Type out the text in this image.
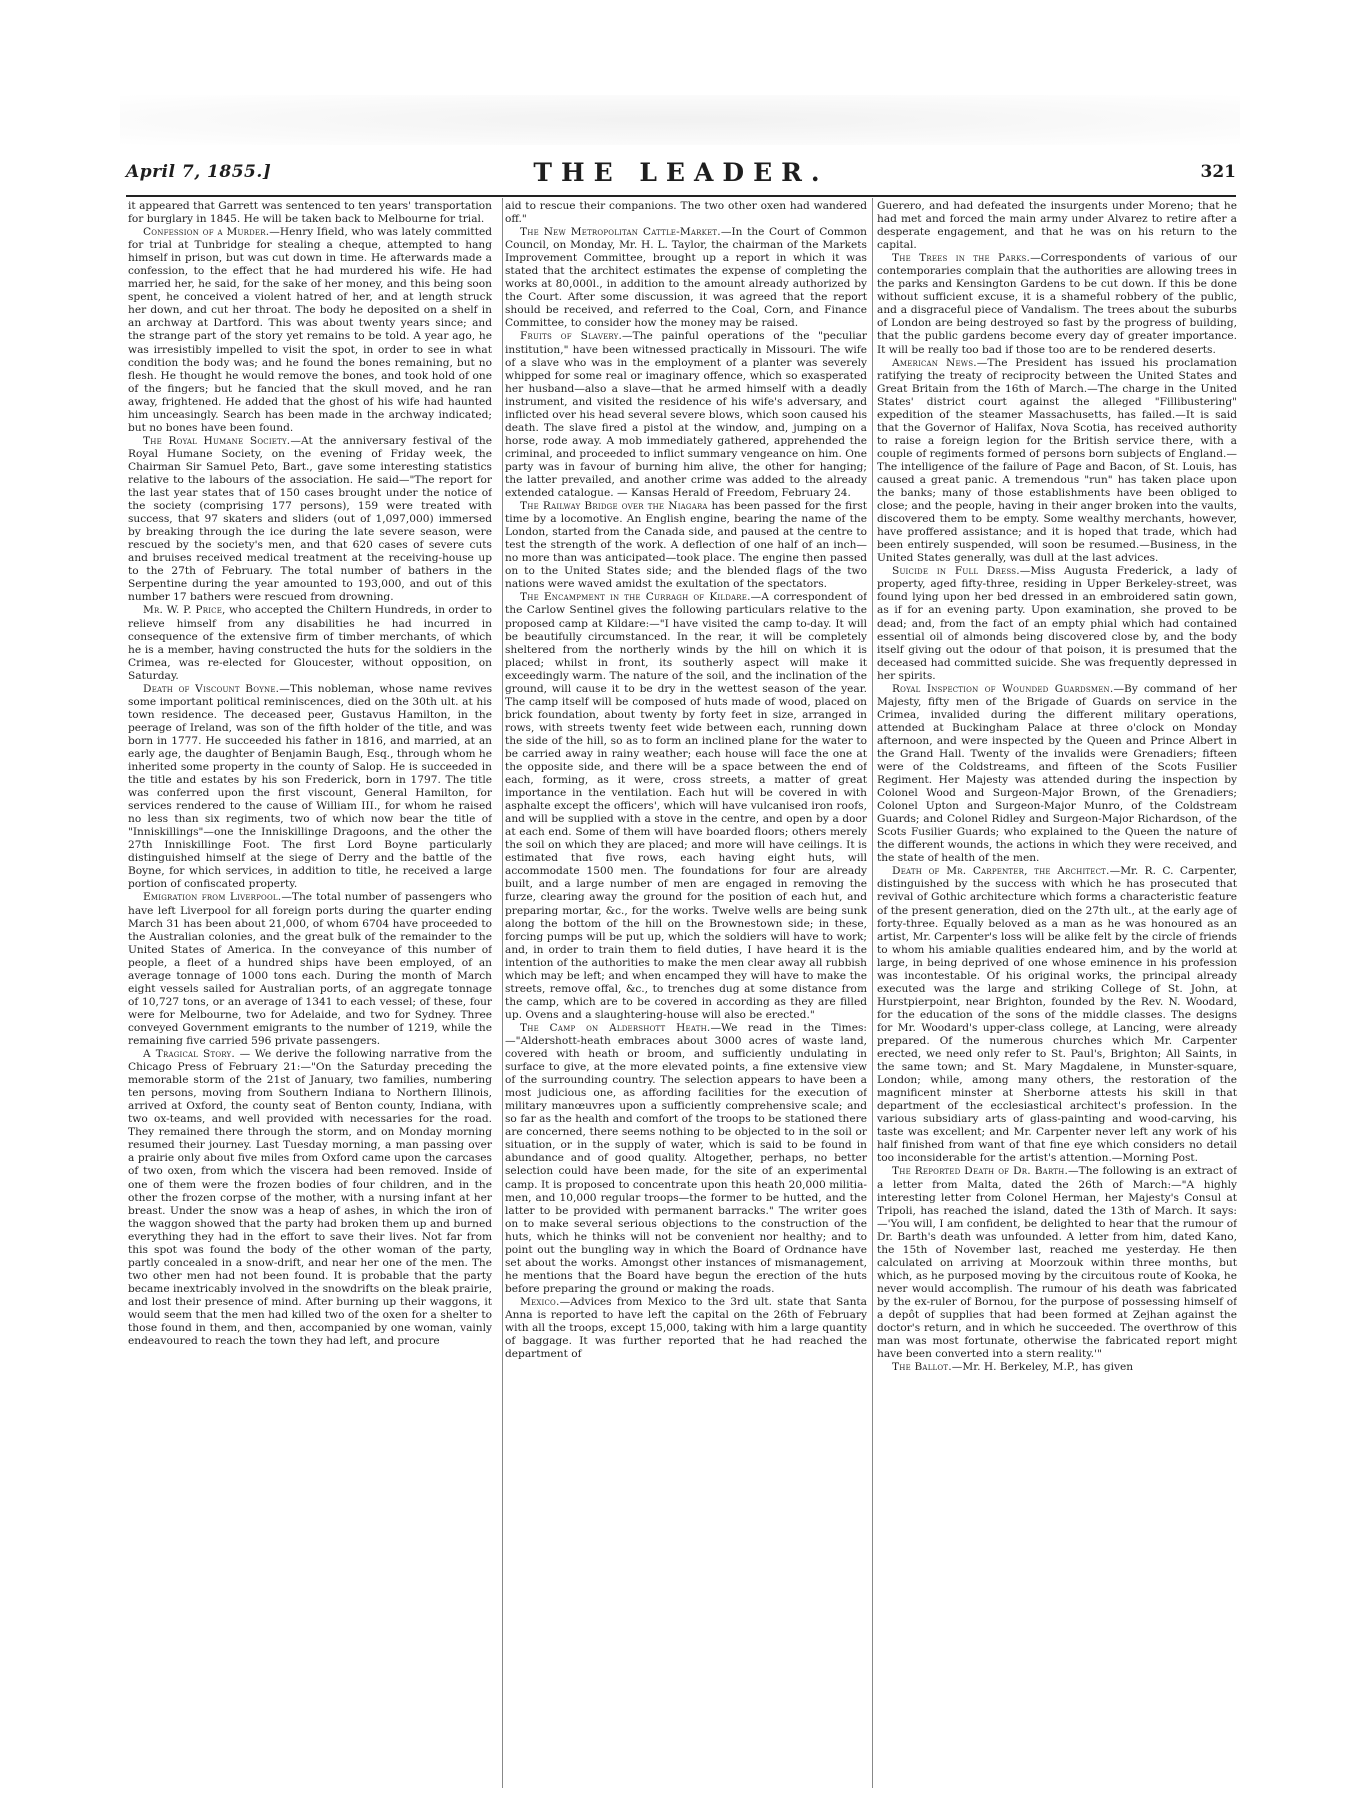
April 7, 1855.]	THE LEADER.	321

it appeared that Garrett was sentenced to ten years' transportation for burglary in 1845. He will be taken back to Melbourne for trial.

Confession of a Murder.—Henry Ifield, who was lately committed for trial at Tunbridge for stealing a cheque, attempted to hang himself in prison, but was cut down in time. He afterwards made a confession, to the effect that he had murdered his wife. He had married her, he said, for the sake of her money, and this being soon spent, he conceived a violent hatred of her, and at length struck her down, and cut her throat. The body he deposited on a shelf in an archway at Dartford. This was about twenty years since; and the strange part of the story yet remains to be told. A year ago, he was irresistibly impelled to visit the spot, in order to see in what condition the body was; and he found the bones remaining, but no flesh. He thought he would remove the bones, and took hold of one of the fingers; but he fancied that the skull moved, and he ran away, frightened. He added that the ghost of his wife had haunted him unceasingly. Search has been made in the archway indicated; but no bones have been found.

The Royal Humane Society.—At the anniversary festival of the Royal Humane Society, on the evening of Friday week, the Chairman Sir Samuel Peto, Bart., gave some interesting statistics relative to the labours of the association. He said—"The report for the last year states that of 150 cases brought under the notice of the society (comprising 177 persons), 159 were treated with success, that 97 skaters and sliders (out of 1,097,000) immersed by breaking through the ice during the late severe season, were rescued by the society's men, and that 620 cases of severe cuts and bruises received medical treatment at the receiving-house up to the 27th of February. The total number of bathers in the Serpentine during the year amounted to 193,000, and out of this number 17 bathers were rescued from drowning.

Mr. W. P. Price, who accepted the Chiltern Hundreds, in order to relieve himself from any disabilities he had incurred in consequence of the extensive firm of timber merchants, of which he is a member, having constructed the huts for the soldiers in the Crimea, was re-elected for Gloucester, without opposition, on Saturday.

Death of Viscount Boyne.—This nobleman, whose name revives some important political reminiscences, died on the 30th ult. at his town residence. The deceased peer, Gustavus Hamilton, in the peerage of Ireland, was son of the fifth holder of the title, and was born in 1777. He succeeded his father in 1816, and married, at an early age, the daughter of Benjamin Baugh, Esq., through whom he inherited some property in the county of Salop. He is succeeded in the title and estates by his son Frederick, born in 1797. The title was conferred upon the first viscount, General Hamilton, for services rendered to the cause of William III., for whom he raised no less than six regiments, two of which now bear the title of "Inniskillings"—one the Inniskillinge Dragoons, and the other the 27th Inniskillinge Foot. The first Lord Boyne particularly distinguished himself at the siege of Derry and the battle of the Boyne, for which services, in addition to title, he received a large portion of confiscated property.

Emigration from Liverpool.—The total number of passengers who have left Liverpool for all foreign ports during the quarter ending March 31 has been about 21,000, of whom 6704 have proceeded to the Australian colonies, and the great bulk of the remainder to the United States of America. In the conveyance of this number of people, a fleet of a hundred ships have been employed, of an average tonnage of 1000 tons each. During the month of March eight vessels sailed for Australian ports, of an aggregate tonnage of 10,727 tons, or an average of 1341 to each vessel; of these, four were for Melbourne, two for Adelaide, and two for Sydney. Three conveyed Government emigrants to the number of 1219, while the remaining five carried 596 private passengers.

A Tragical Story. — We derive the following narrative from the Chicago Press of February 21:—"On the Saturday preceding the memorable storm of the 21st of January, two families, numbering ten persons, moving from Southern Indiana to Northern Illinois, arrived at Oxford, the county seat of Benton county, Indiana, with two ox-teams, and well provided with necessaries for the road. They remained there through the storm, and on Monday morning resumed their journey. Last Tuesday morning, a man passing over a prairie only about five miles from Oxford came upon the carcases of two oxen, from which the viscera had been removed. Inside of one of them were the frozen bodies of four children, and in the other the frozen corpse of the mother, with a nursing infant at her breast. Under the snow was a heap of ashes, in which the iron of the waggon showed that the party had broken them up and burned everything they had in the effort to save their lives. Not far from this spot was found the body of the other woman of the party, partly concealed in a snow-drift, and near her one of the men. The two other men had not been found. It is probable that the party became inextricably involved in the snowdrifts on the bleak prairie, and lost their presence of mind. After burning up their waggons, it would seem that the men had killed two of the oxen for a shelter to those found in them, and then, accompanied by one woman, vainly endeavoured to reach the town they had left, and procure

aid to rescue their companions. The two other oxen had wandered off."

The New Metropolitan Cattle-Market.—In the Court of Common Council, on Monday, Mr. H. L. Taylor, the chairman of the Markets Improvement Committee, brought up a report in which it was stated that the architect estimates the expense of completing the works at 80,000l., in addition to the amount already authorized by the Court. After some discussion, it was agreed that the report should be received, and referred to the Coal, Corn, and Finance Committee, to consider how the money may be raised.

Fruits of Slavery.—The painful operations of the "peculiar institution," have been witnessed practically in Missouri. The wife of a slave who was in the employment of a planter was severely whipped for some real or imaginary offence, which so exasperated her husband—also a slave—that he armed himself with a deadly instrument, and visited the residence of his wife's adversary, and inflicted over his head several severe blows, which soon caused his death. The slave fired a pistol at the window, and, jumping on a horse, rode away. A mob immediately gathered, apprehended the criminal, and proceeded to inflict summary vengeance on him. One party was in favour of burning him alive, the other for hanging; the latter prevailed, and another crime was added to the already extended catalogue. — Kansas Herald of Freedom, February 24.

The Railway Bridge over the Niagara has been passed for the first time by a locomotive. An English engine, bearing the name of the London, started from the Canada side, and paused at the centre to test the strength of the work. A deflection of one half of an inch—no more than was anticipated—took place. The engine then passed on to the United States side; and the blended flags of the two nations were waved amidst the exultation of the spectators.

The Encampment in the Curragh of Kildare.—A correspondent of the Carlow Sentinel gives the following particulars relative to the proposed camp at Kildare:—"I have visited the camp to-day. It will be beautifully circumstanced. In the rear, it will be completely sheltered from the northerly winds by the hill on which it is placed; whilst in front, its southerly aspect will make it exceedingly warm. The nature of the soil, and the inclination of the ground, will cause it to be dry in the wettest season of the year. The camp itself will be composed of huts made of wood, placed on brick foundation, about twenty by forty feet in size, arranged in rows, with streets twenty feet wide between each, running down the side of the hill, so as to form an inclined plane for the water to be carried away in rainy weather; each house will face the one at the opposite side, and there will be a space between the end of each, forming, as it were, cross streets, a matter of great importance in the ventilation. Each hut will be covered in with asphalte except the officers', which will have vulcanised iron roofs, and will be supplied with a stove in the centre, and open by a door at each end. Some of them will have boarded floors; others merely the soil on which they are placed; and more will have ceilings. It is estimated that five rows, each having eight huts, will accommodate 1500 men. The foundations for four are already built, and a large number of men are engaged in removing the furze, clearing away the ground for the position of each hut, and preparing mortar, &c., for the works. Twelve wells are being sunk along the bottom of the hill on the Brownestown side; in these, forcing pumps will be put up, which the soldiers will have to work; and, in order to train them to field duties, I have heard it is the intention of the authorities to make the men clear away all rubbish which may be left; and when encamped they will have to make the streets, remove offal, &c., to trenches dug at some distance from the camp, which are to be covered in according as they are filled up. Ovens and a slaughtering-house will also be erected."

The Camp on Aldershott Heath.—We read in the Times:—"Aldershott-heath embraces about 3000 acres of waste land, covered with heath or broom, and sufficiently undulating in surface to give, at the more elevated points, a fine extensive view of the surrounding country. The selection appears to have been a most judicious one, as affording facilities for the execution of military manœuvres upon a sufficiently comprehensive scale; and so far as the health and comfort of the troops to be stationed there are concerned, there seems nothing to be objected to in the soil or situation, or in the supply of water, which is said to be found in abundance and of good quality. Altogether, perhaps, no better selection could have been made, for the site of an experimental camp. It is proposed to concentrate upon this heath 20,000 militia-men, and 10,000 regular troops—the former to be hutted, and the latter to be provided with permanent barracks." The writer goes on to make several serious objections to the construction of the huts, which he thinks will not be convenient nor healthy; and to point out the bungling way in which the Board of Ordnance have set about the works. Amongst other instances of mismanagement, he mentions that the Board have begun the erection of the huts before preparing the ground or making the roads.

Mexico.—Advices from Mexico to the 3rd ult. state that Santa Anna is reported to have left the capital on the 26th of February with all the troops, except 15,000, taking with him a large quantity of baggage. It was further reported that he had reached the department of

Guerero, and had defeated the insurgents under Moreno; that he had met and forced the main army under Alvarez to retire after a desperate engagement, and that he was on his return to the capital.

The Trees in the Parks.—Correspondents of various of our contemporaries complain that the authorities are allowing trees in the parks and Kensington Gardens to be cut down. If this be done without sufficient excuse, it is a shameful robbery of the public, and a disgraceful piece of Vandalism. The trees about the suburbs of London are being destroyed so fast by the progress of building, that the public gardens become every day of greater importance. It will be really too bad if those too are to be rendered deserts.

American News.—The President has issued his proclamation ratifying the treaty of reciprocity between the United States and Great Britain from the 16th of March.—The charge in the United States' district court against the alleged "Fillibustering" expedition of the steamer Massachusetts, has failed.—It is said that the Governor of Halifax, Nova Scotia, has received authority to raise a foreign legion for the British service there, with a couple of regiments formed of persons born subjects of England.—The intelligence of the failure of Page and Bacon, of St. Louis, has caused a great panic. A tremendous "run" has taken place upon the banks; many of those establishments have been obliged to close; and the people, having in their anger broken into the vaults, discovered them to be empty. Some wealthy merchants, however, have proffered assistance; and it is hoped that trade, which had been entirely suspended, will soon be resumed.—Business, in the United States generally, was dull at the last advices.

Suicide in Full Dress.—Miss Augusta Frederick, a lady of property, aged fifty-three, residing in Upper Berkeley-street, was found lying upon her bed dressed in an embroidered satin gown, as if for an evening party. Upon examination, she proved to be dead; and, from the fact of an empty phial which had contained essential oil of almonds being discovered close by, and the body itself giving out the odour of that poison, it is presumed that the deceased had committed suicide. She was frequently depressed in her spirits.

Royal Inspection of Wounded Guardsmen.—By command of her Majesty, fifty men of the Brigade of Guards on service in the Crimea, invalided during the different military operations, attended at Buckingham Palace at three o'clock on Monday afternoon, and were inspected by the Queen and Prince Albert in the Grand Hall. Twenty of the invalids were Grenadiers; fifteen were of the Coldstreams, and fifteen of the Scots Fusilier Regiment. Her Majesty was attended during the inspection by Colonel Wood and Surgeon-Major Brown, of the Grenadiers; Colonel Upton and Surgeon-Major Munro, of the Coldstream Guards; and Colonel Ridley and Surgeon-Major Richardson, of the Scots Fusilier Guards; who explained to the Queen the nature of the different wounds, the actions in which they were received, and the state of health of the men.

Death of Mr. Carpenter, the Architect.—Mr. R. C. Carpenter, distinguished by the success with which he has prosecuted that revival of Gothic architecture which forms a characteristic feature of the present generation, died on the 27th ult., at the early age of forty-three. Equally beloved as a man as he was honoured as an artist, Mr. Carpenter's loss will be alike felt by the circle of friends to whom his amiable qualities endeared him, and by the world at large, in being deprived of one whose eminence in his profession was incontestable. Of his original works, the principal already executed was the large and striking College of St. John, at Hurstpierpoint, near Brighton, founded by the Rev. N. Woodard, for the education of the sons of the middle classes. The designs for Mr. Woodard's upper-class college, at Lancing, were already prepared. Of the numerous churches which Mr. Carpenter erected, we need only refer to St. Paul's, Brighton; All Saints, in the same town; and St. Mary Magdalene, in Munster-square, London; while, among many others, the restoration of the magnificent minster at Sherborne attests his skill in that department of the ecclesiastical architect's profession. In the various subsidiary arts of glass-painting and wood-carving, his taste was excellent; and Mr. Carpenter never left any work of his half finished from want of that fine eye which considers no detail too inconsiderable for the artist's attention.—Morning Post.

The Reported Death of Dr. Barth.—The following is an extract of a letter from Malta, dated the 26th of March:—"A highly interesting letter from Colonel Herman, her Majesty's Consul at Tripoli, has reached the island, dated the 13th of March. It says: —'You will, I am confident, be delighted to hear that the rumour of Dr. Barth's death was unfounded. A letter from him, dated Kano, the 15th of November last, reached me yesterday. He then calculated on arriving at Moorzouk within three months, but which, as he purposed moving by the circuitous route of Kooka, he never would accomplish. The rumour of his death was fabricated by the ex-ruler of Bornou, for the purpose of possessing himself of a depôt of supplies that had been formed at Zejhan against the doctor's return, and in which he succeeded. The overthrow of this man was most fortunate, otherwise the fabricated report might have been converted into a stern reality.'"

The Ballot.—Mr. H. Berkeley, M.P., has given
